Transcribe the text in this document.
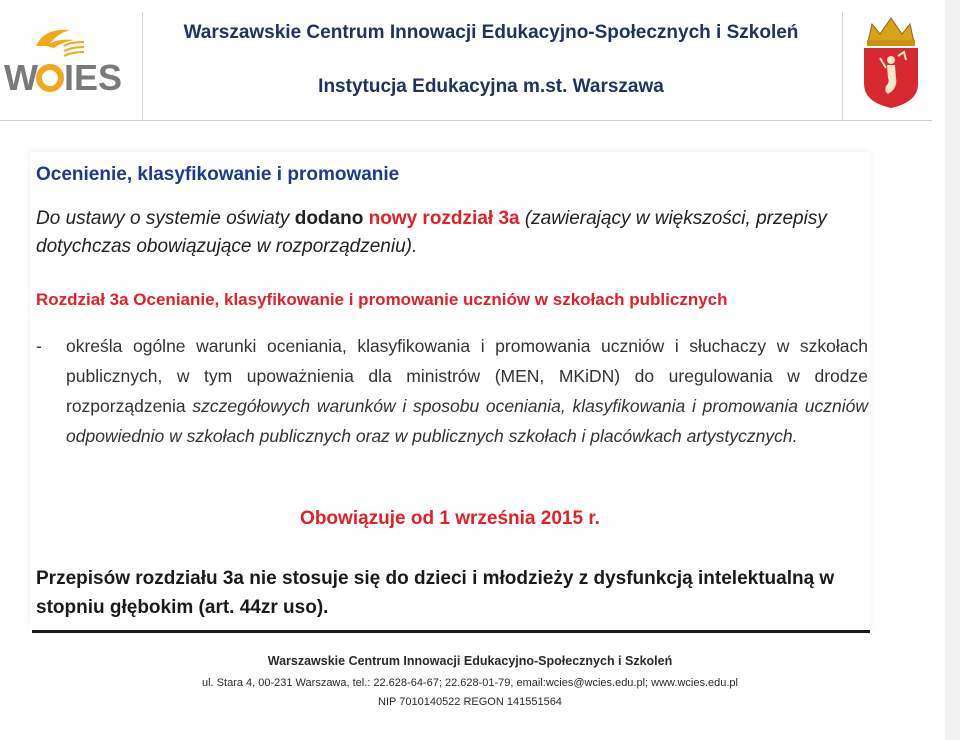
W IES
Warszawskie Centrum Innowacji Edukacyjno-Społecznych i Szkoleń
Instytucja Edukacyjna m.st. Warszawa
Ocenienie, klasyfikowanie i promowanie
Do ustawy o systemie oświaty dodano nowy rozdział 3a (zawierający w większości, przepisy dotychczas obowiązujące w rozporządzeniu).
Rozdział 3a Ocenianie, klasyfikowanie i promowanie uczniów w szkołach publicznych
- określa ogólne warunki oceniania, klasyfikowania i promowania uczniów i słuchaczy w szkołach publicznych, w tym upoważnienia dla ministrów (MEN, MKiDN) do uregulowania w drodze rozporządzenia szczegółowych warunków i sposobu oceniania, klasyfikowania i promowania uczniów odpowiednio w szkołach publicznych oraz w publicznych szkołach i placówkach artystycznych.
Obowiązuje od 1 września 2015 r.
Przepisów rozdziału 3a nie stosuje się do dzieci i młodzieży z dysfunkcją intelektualną w stopniu głębokim (art. 44zr uso).
Warszawskie Centrum Innowacji Edukacyjno-Społecznych i Szkoleń
ul. Stara 4, 00-231 Warszawa, tel.: 22.628-64-67; 22.628-01-79, email:wcies@wcies.edu.pl; www.wcies.edu.pl
NIP 7010140522 REGON 141551564
